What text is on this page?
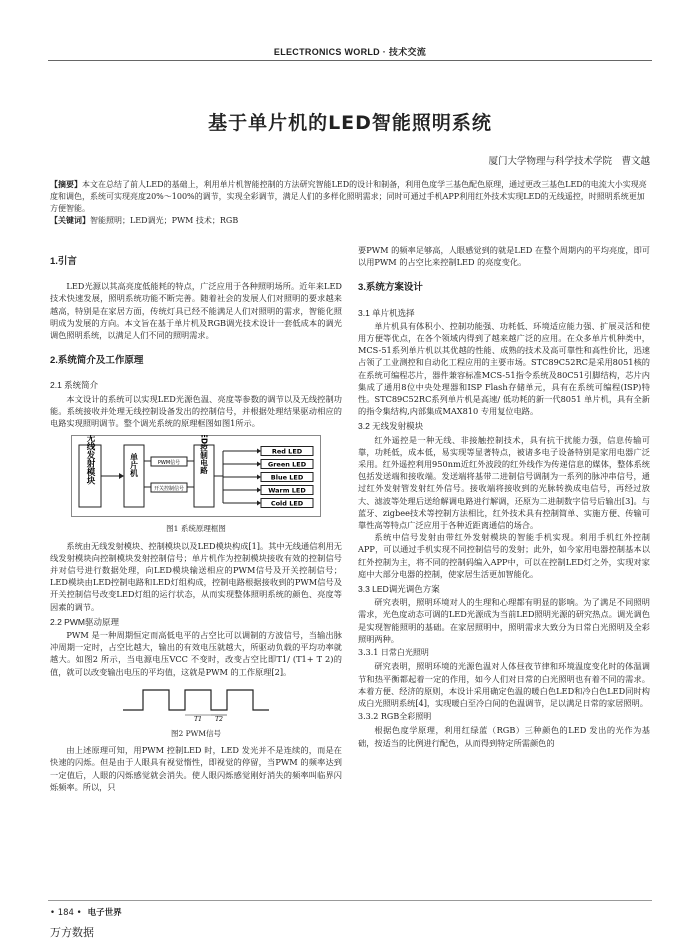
ELECTRONICS WORLD · 技术交流
基于单片机的LED智能照明系统
厦门大学物理与科学技术学院　曹文越
【摘要】本文在总结了前人LED的基础上，利用单片机智能控制的方法研究智能LED的设计和制备，利用色度学三基色配色原理，通过更改三基色LED的电流大小实现亮度和调色，系统可实现亮度20%～100%的调节，实现全彩调节，满足人们的多样化照明需求；同时可通过手机APP利用红外技术实现LED的无线遥控，时照明系统更加方便智能。
【关键词】智能照明；LED调光；PWM 技术；RGB
1.引言

LED光源以其高亮度低能耗的特点，广泛应用于各种照明场所。近年来LED技术快速发展，照明系统功能不断完善。随着社会的发展人们对照明的要求越来越高，特别是在家居方面，传统灯具已经不能满足人们对照明的需求，智能化照明成为发展的方向。本文旨在基于单片机及RGB调光技术设计一套低成本的调光调色照明系统，以满足人们不同的照明需求。

2.系统简介及工作原理
2.1 系统简介

本文设计的系统可以实现LED光源色温、亮度等参数的调节以及无线控制功能。系统接收并处理无线控制设备发出的控制信号，并根据处理结果驱动相应的电路实现照明调节。整个调光系统的原理框图如图1所示。

无线发射模块	单片机	PWM信号
开关控制信号
LED控制电路	Red LED
Green LED
Blue LED
Warm LED
Cold LED
图1 系统原理框图

系统由无线发射模块、控制模块以及LED模块构成[1]。其中无线通信利用无线发射模块向控制模块发射控制信号；单片机作为控制模块接收有效的控制信号并对信号进行数据处理，向LED模块输送相应的PWM信号及开关控制信号；LED模块由LED控制电路和LED灯组构成，控制电路根据接收到的PWM信号及开关控制信号改变LED灯组的运行状态，从而实现整体照明系统的颜色、亮度等因素的调节。

2.2 PWM驱动原理

PWM 是一种周期恒定而高低电平的占空比可以调制的方波信号，当输出脉冲周期一定时，占空比越大，输出的有效电压就越大，所驱动负载的平均功率就越大。如图2 所示，当电源电压VCC 不变时，改变占空比即T1/ (T1+ T 2)的值，就可以改变输出电压的平均值，这就是PWM 的工作原理[2]。

T1 T2
图2 PWM信号

由上述原理可知，用PWM 控制LED 时，LED 发光并不是连续的，而是在快速的闪烁。但是由于人眼具有视觉惰性，即视觉的停留，当PWM 的频率达到一定值后，人眼的闪烁感觉就会消失。使人眼闪烁感觉刚好消失的频率叫临界闪烁频率。所以，只

要PWM 的频率足够高，人眼感觉到的就是LED 在整个周期内的平均亮度，即可以用PWM 的占空比来控制LED 的亮度变化。

3.系统方案设计
3.1 单片机选择

单片机具有体积小、控制功能强、功耗低、环境适应能力强、扩展灵活和使用方便等优点，在各个领域内得到了越来越广泛的应用。在众多单片机种类中，MCS-51系列单片机以其优越的性能、成熟的技术及高可靠性和高性价比，迅速占领了工业测控和自动化工程应用的主要市场。STC89C52RC是采用8051核的在系统可编程芯片，器件兼容标准MCS-51指令系统及80C51引脚结构，芯片内集成了通用8位中央处理器和ISP Flash存储单元，具有在系统可编程(ISP)特性。STC89C52RC系列单片机是高速/ 低功耗的新一代8051 单片机，具有全新的指令集结构,内部集成MAX810 专用复位电路。

3.2 无线发射模块

红外遥控是一种无线、非接触控制技术，具有抗干扰能力强，信息传输可靠，功耗低，成本低，易实现等显著特点，被诸多电子设备特别是家用电器广泛采用。红外遥控利用950nm近红外波段的红外线作为传递信息的媒体，整体系统包括发送端和接收端。发送端将基带二进制信号调制为一系列的脉冲串信号，通过红外发射管发射红外信号。接收端将接收到的光脉转换成电信号，再经过放大、滤波等处理后送给解调电路进行解调，还原为二进制数字信号后输出[3]。与蓝牙、zigbee技术等控制方法相比，红外技术具有控制简单、实施方便、传输可靠性高等特点广泛应用于各种近距离通信的场合。

系统中信号发射由带红外发射模块的智能手机实现。利用手机红外控制APP，可以通过手机实现不同控制信号的发射；此外，如今家用电器控制基本以红外控制为主，将不同的控制码编入APP中，可以在控制LED灯之外，实现对家庭中大部分电器的控制，使家居生活更加智能化。

3.3 LED调光调色方案

研究表明，照明环境对人的生理和心理都有明显的影响。为了满足不同照明需求，光色度动态可调的LED光源成为当前LED照明光源的研究热点。调光调色是实现智能照明的基础。在家居照明中，照明需求大致分为日常白光照明及全彩照明两种。

3.3.1 日常白光照明

研究表明，照明环境的光源色温对人体昼夜节律和环境温度变化时的体温调节和热平衡都起着一定的作用，如今人们对日常的白光照明也有着不同的需求。本着方便、经济的原则，本设计采用确定色温的暖白色LED和冷白色LED同时构成白光照明系统[4]，实现暖白至冷白间的色温调节，足以满足日常的家居照明。

3.3.2 RGB全彩照明

根据色度学原理，利用红绿蓝（RGB）三种颜色的LED 发出的光作为基础，按适当的比例进行配色，从而得到特定所需颜色的

• 184 • 电子世界
万方数据
